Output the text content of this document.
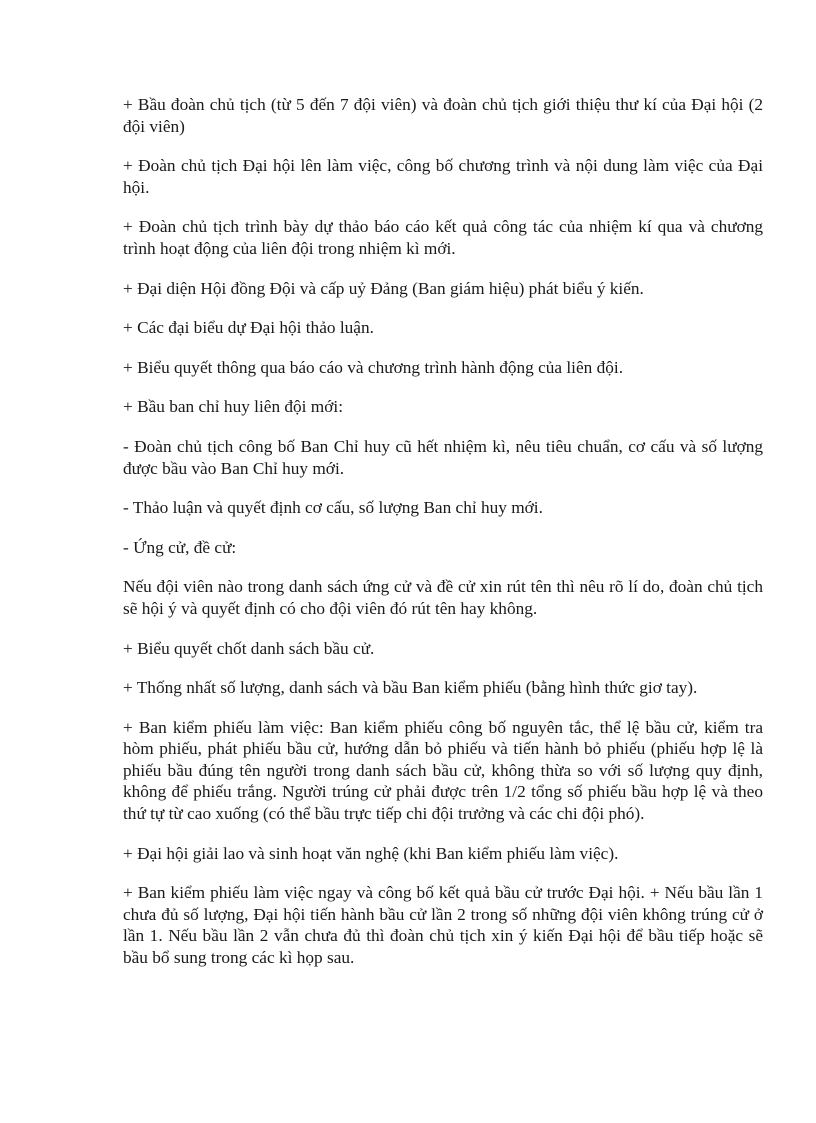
+ Bầu đoàn chủ tịch (từ 5 đến 7 đội viên) và đoàn chủ tịch giới thiệu thư kí của Đại hội (2 đội viên)

+ Đoàn chủ tịch Đại hội lên làm việc, công bố chương trình và nội dung làm việc của Đại hội.

+ Đoàn chủ tịch trình bày dự thảo báo cáo kết quả công tác của nhiệm kí qua và chương trình hoạt động của liên đội trong nhiệm kì mới.

+ Đại diện Hội đồng Đội và cấp uỷ Đảng (Ban giám hiệu) phát biểu ý kiến.

+ Các đại biểu dự Đại hội thảo luận.

+ Biểu quyết thông qua báo cáo và chương trình hành động của liên đội.

+ Bầu ban chỉ huy liên đội mới:

- Đoàn chủ tịch công bố Ban Chỉ huy cũ hết nhiệm kì, nêu tiêu chuẩn, cơ cấu và số lượng được bầu vào Ban Chỉ huy mới.

- Thảo luận và quyết định cơ cấu, số lượng Ban chỉ huy mới.

- Ứng cử, đề cử:

Nếu đội viên nào trong danh sách ứng cử và đề cử xin rút tên thì nêu rõ lí do, đoàn chủ tịch sẽ hội ý và quyết định có cho đội viên đó rút tên hay không.

+ Biểu quyết chốt danh sách bầu cử.

+ Thống nhất số lượng, danh sách và bầu Ban kiểm phiếu (bằng hình thức giơ tay).

+ Ban kiểm phiếu làm việc: Ban kiểm phiếu công bố nguyên tắc, thể lệ bầu cử, kiểm tra hòm phiếu, phát phiếu bầu cử, hướng dẫn bỏ phiếu và tiến hành bỏ phiếu (phiếu hợp lệ là phiếu bầu đúng tên người trong danh sách bầu cử, không thừa so với số lượng quy định, không để phiếu trắng. Người trúng cử phải được trên 1/2 tổng số phiếu bầu hợp lệ và theo thứ tự từ cao xuống (có thể bầu trực tiếp chi đội trưởng và các chi đội phó).

+ Đại hội giải lao và sinh hoạt văn nghệ (khi Ban kiểm phiếu làm việc).

+ Ban kiểm phiếu làm việc ngay và công bố kết quả bầu cử trước Đại hội. + Nếu bầu lần 1 chưa đủ số lượng, Đại hội tiến hành bầu cử lần 2 trong số những đội viên không trúng cử ở lần 1. Nếu bầu lần 2 vẫn chưa đủ thì đoàn chủ tịch xin ý kiến Đại hội để bầu tiếp hoặc sẽ bầu bổ sung trong các kì họp sau.
